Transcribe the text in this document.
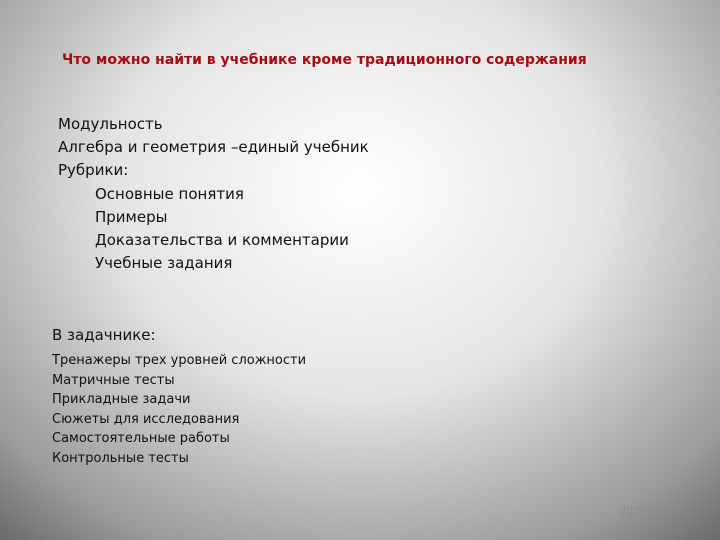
Что можно найти в учебнике кроме традиционного содержания
Модульность
Алгебра и геометрия –единый учебник
Рубрики:
Основные понятия
Примеры
Доказательства и комментарии
Учебные задания
В задачнике:
Тренажеры трех уровней сложности
Матричные тесты
Прикладные задачи
Сюжеты для исследования
Самостоятельные работы
Контрольные тесты
9/15
